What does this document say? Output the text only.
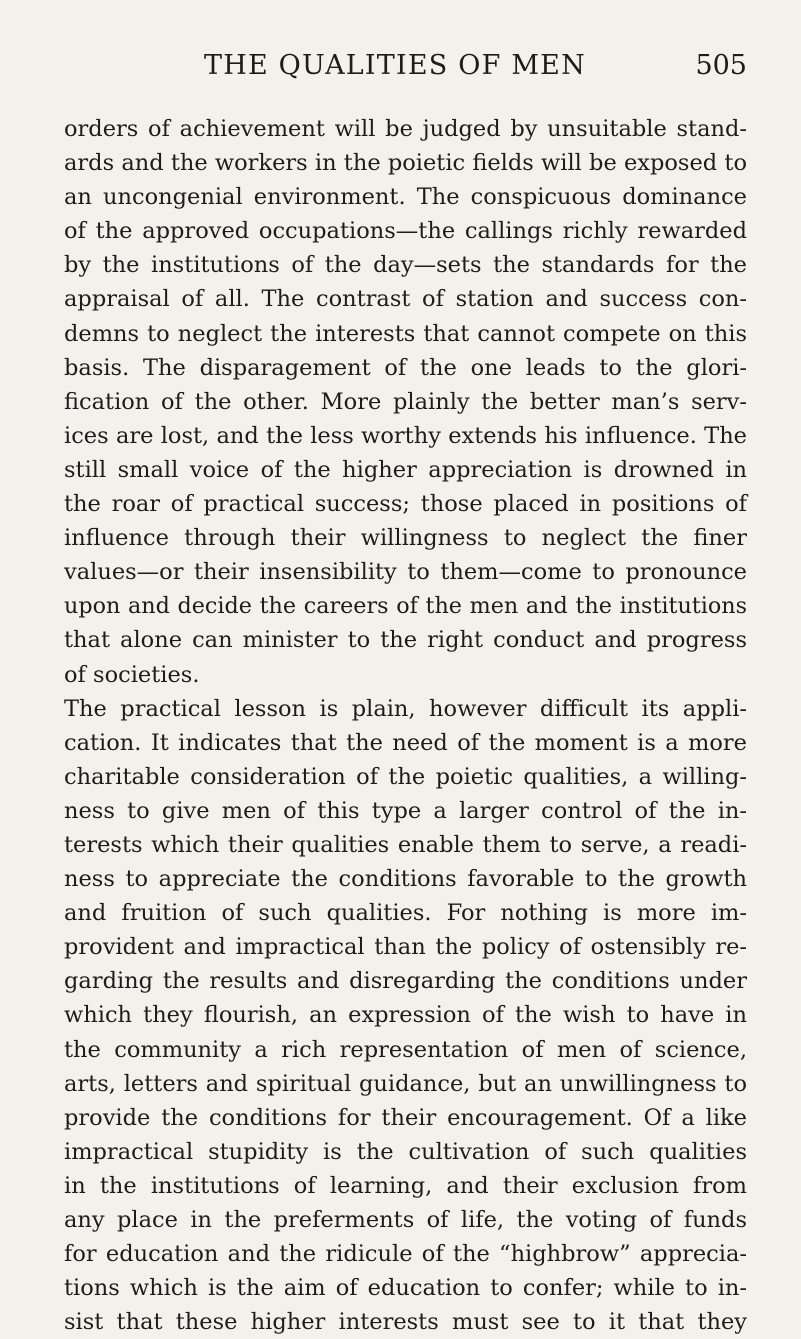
THE QUALITIES OF MEN	505
orders of achievement will be judged by unsuitable stand-
ards and the workers in the poietic fields will be exposed to
an uncongenial environment. The conspicuous dominance
of the approved occupations—the callings richly rewarded
by the institutions of the day—sets the standards for the
appraisal of all. The contrast of station and success con-
demns to neglect the interests that cannot compete on this
basis. The disparagement of the one leads to the glori-
fication of the other. More plainly the better man’s serv-
ices are lost, and the less worthy extends his influence. The
still small voice of the higher appreciation is drowned in
the roar of practical success; those placed in positions of
influence through their willingness to neglect the finer
values—or their insensibility to them—come to pronounce
upon and decide the careers of the men and the institutions
that alone can minister to the right conduct and progress
of societies.
The practical lesson is plain, however difficult its appli-
cation. It indicates that the need of the moment is a more
charitable consideration of the poietic qualities, a willing-
ness to give men of this type a larger control of the in-
terests which their qualities enable them to serve, a readi-
ness to appreciate the conditions favorable to the growth
and fruition of such qualities. For nothing is more im-
provident and impractical than the policy of ostensibly re-
garding the results and disregarding the conditions under
which they flourish, an expression of the wish to have in
the community a rich representation of men of science,
arts, letters and spiritual guidance, but an unwillingness to
provide the conditions for their encouragement. Of a like
impractical stupidity is the cultivation of such qualities
in the institutions of learning, and their exclusion from
any place in the preferments of life, the voting of funds
for education and the ridicule of the “highbrow” apprecia-
tions which is the aim of education to confer; while to in-
sist that these higher interests must see to it that they
